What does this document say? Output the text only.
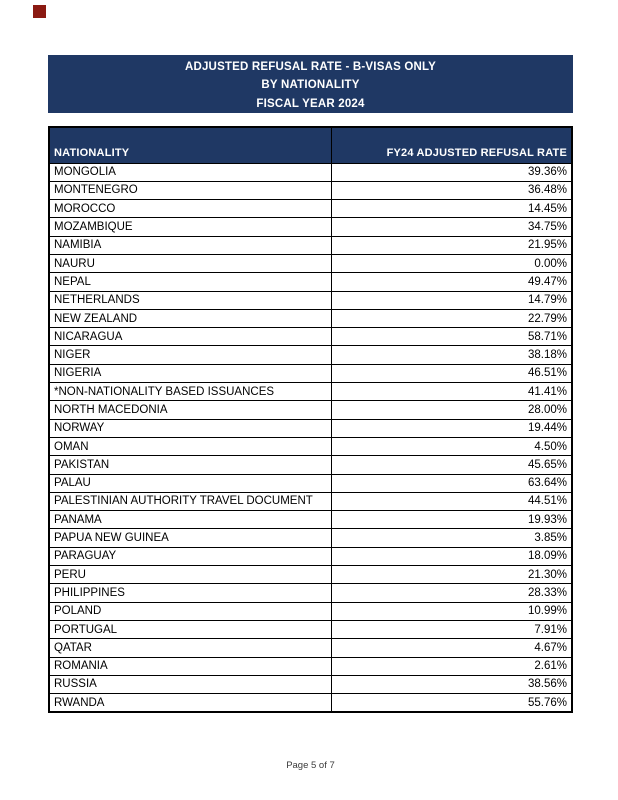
ADJUSTED REFUSAL RATE - B-VISAS ONLY
BY NATIONALITY
FISCAL YEAR 2024
NATIONALITY	FY24 ADJUSTED REFUSAL RATE
MONGOLIA	39.36%
MONTENEGRO	36.48%
MOROCCO	14.45%
MOZAMBIQUE	34.75%
NAMIBIA	21.95%
NAURU	0.00%
NEPAL	49.47%
NETHERLANDS	14.79%
NEW ZEALAND	22.79%
NICARAGUA	58.71%
NIGER	38.18%
NIGERIA	46.51%
*NON-NATIONALITY BASED ISSUANCES	41.41%
NORTH MACEDONIA	28.00%
NORWAY	19.44%
OMAN	4.50%
PAKISTAN	45.65%
PALAU	63.64%
PALESTINIAN AUTHORITY TRAVEL DOCUMENT	44.51%
PANAMA	19.93%
PAPUA NEW GUINEA	3.85%
PARAGUAY	18.09%
PERU	21.30%
PHILIPPINES	28.33%
POLAND	10.99%
PORTUGAL	7.91%
QATAR	4.67%
ROMANIA	2.61%
RUSSIA	38.56%
RWANDA	55.76%
Page 5 of 7
